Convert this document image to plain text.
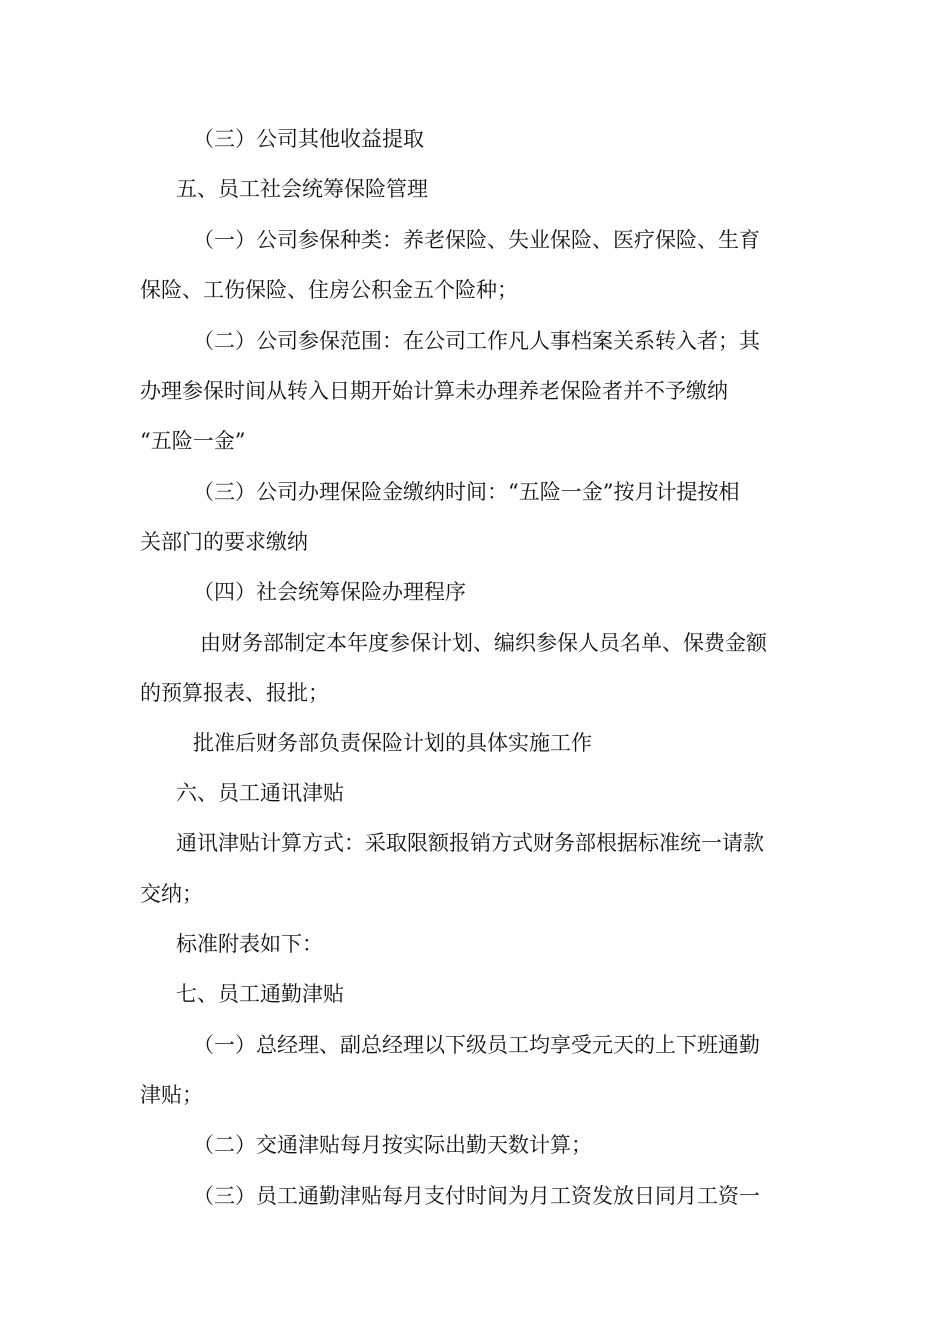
（三）公司其他收益提取
五、员工社会统筹保险管理
（一）公司参保种类：养老保险、失业保险、医疗保险、生育
保险、工伤保险、住房公积金五个险种；
（二）公司参保范围：在公司工作凡人事档案关系转入者；其
办理参保时间从转入日期开始计算未办理养老保险者并不予缴纳
“五险一金”
（三）公司办理保险金缴纳时间：“五险一金”按月计提按相
关部门的要求缴纳
（四）社会统筹保险办理程序
由财务部制定本年度参保计划、编织参保人员名单、保费金额
的预算报表、报批；
批准后财务部负责保险计划的具体实施工作
六、员工通讯津贴
通讯津贴计算方式：采取限额报销方式财务部根据标准统一请款
交纳；
标准附表如下：
七、员工通勤津贴
（一）总经理、副总经理以下级员工均享受元天的上下班通勤
津贴；
（二）交通津贴每月按实际出勤天数计算；
（三）员工通勤津贴每月支付时间为月工资发放日同月工资一
